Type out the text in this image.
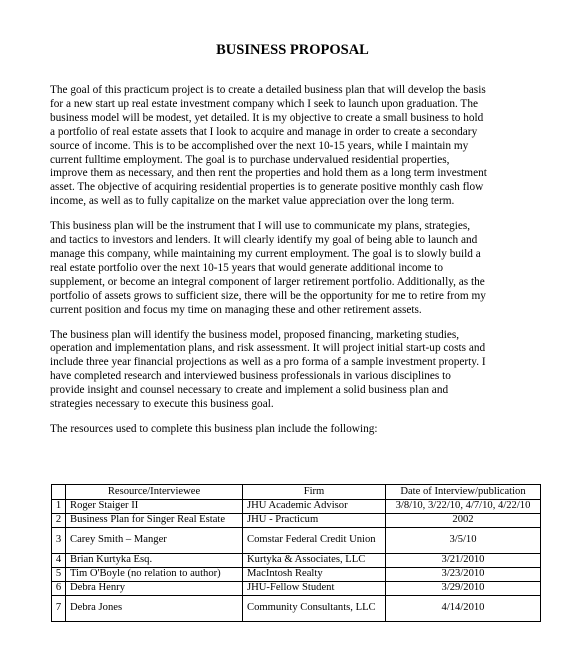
BUSINESS PROPOSAL

The goal of this practicum project is to create a detailed business plan that will develop the basis for a new start up real estate investment company which I seek to launch upon graduation. The business model will be modest, yet detailed. It is my objective to create a small business to hold a portfolio of real estate assets that I look to acquire and manage in order to create a secondary source of income. This is to be accomplished over the next 10-15 years, while I maintain my current fulltime employment. The goal is to purchase undervalued residential properties, improve them as necessary, and then rent the properties and hold them as a long term investment asset. The objective of acquiring residential properties is to generate positive monthly cash flow income, as well as to fully capitalize on the market value appreciation over the long term.

This business plan will be the instrument that I will use to communicate my plans, strategies, and tactics to investors and lenders. It will clearly identify my goal of being able to launch and manage this company, while maintaining my current employment. The goal is to slowly build a real estate portfolio over the next 10-15 years that would generate additional income to supplement, or become an integral component of larger retirement portfolio. Additionally, as the portfolio of assets grows to sufficient size, there will be the opportunity for me to retire from my current position and focus my time on managing these and other retirement assets.

The business plan will identify the business model, proposed financing, marketing studies, operation and implementation plans, and risk assessment. It will project initial start-up costs and include three year financial projections as well as a pro forma of a sample investment property. I have completed research and interviewed business professionals in various disciplines to provide insight and counsel necessary to create and implement a solid business plan and strategies necessary to execute this business goal.

The resources used to complete this business plan include the following:

	Resource/Interviewee	Firm	Date of Interview/publication
1	Roger Staiger II	JHU Academic Advisor	3/8/10, 3/22/10, 4/7/10, 4/22/10
2	Business Plan for Singer Real Estate	JHU - Practicum	2002
3	Carey Smith – Manger	Comstar Federal Credit Union	3/5/10
4	Brian Kurtyka Esq.	Kurtyka & Associates, LLC	3/21/2010
5	Tim O'Boyle (no relation to author)	MacIntosh Realty	3/23/2010
6	Debra Henry	JHU-Fellow Student	3/29/2010
7	Debra Jones	Community Consultants, LLC	4/14/2010
